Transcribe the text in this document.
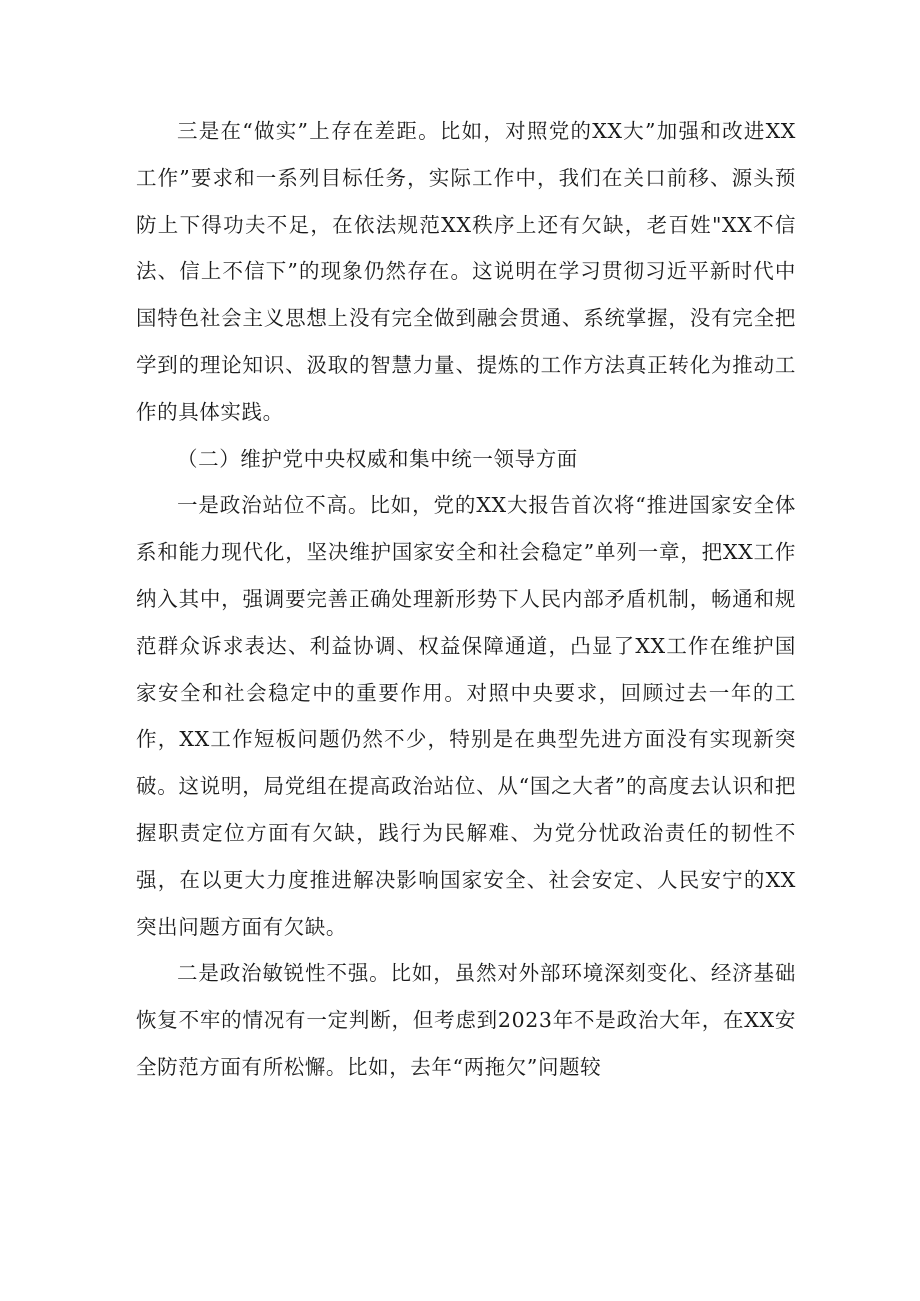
三是在“做实”上存在差距。比如，对照党的XX大”加强和改进XX工作”要求和一系列目标任务，实际工作中，我们在关口前移、源头预防上下得功夫不足，在依法规范XX秩序上还有欠缺，老百姓"XX不信法、信上不信下”的现象仍然存在。这说明在学习贯彻习近平新时代中国特色社会主义思想上没有完全做到融会贯通、系统掌握，没有完全把学到的理论知识、汲取的智慧力量、提炼的工作方法真正转化为推动工作的具体实践。

（二）维护党中央权威和集中统一领导方面

一是政治站位不高。比如，党的XX大报告首次将“推进国家安全体系和能力现代化，坚决维护国家安全和社会稳定”单列一章，把XX工作纳入其中，强调要完善正确处理新形势下人民内部矛盾机制，畅通和规范群众诉求表达、利益协调、权益保障通道，凸显了XX工作在维护国家安全和社会稳定中的重要作用。对照中央要求，回顾过去一年的工作，XX工作短板问题仍然不少，特别是在典型先进方面没有实现新突破。这说明，局党组在提高政治站位、从“国之大者”的高度去认识和把握职责定位方面有欠缺，践行为民解难、为党分忧政治责任的韧性不强，在以更大力度推进解决影响国家安全、社会安定、人民安宁的XX突出问题方面有欠缺。

二是政治敏锐性不强。比如，虽然对外部环境深刻变化、经济基础恢复不牢的情况有一定判断，但考虑到2023年不是政治大年，在XX安全防范方面有所松懈。比如，去年“两拖欠”问题较
